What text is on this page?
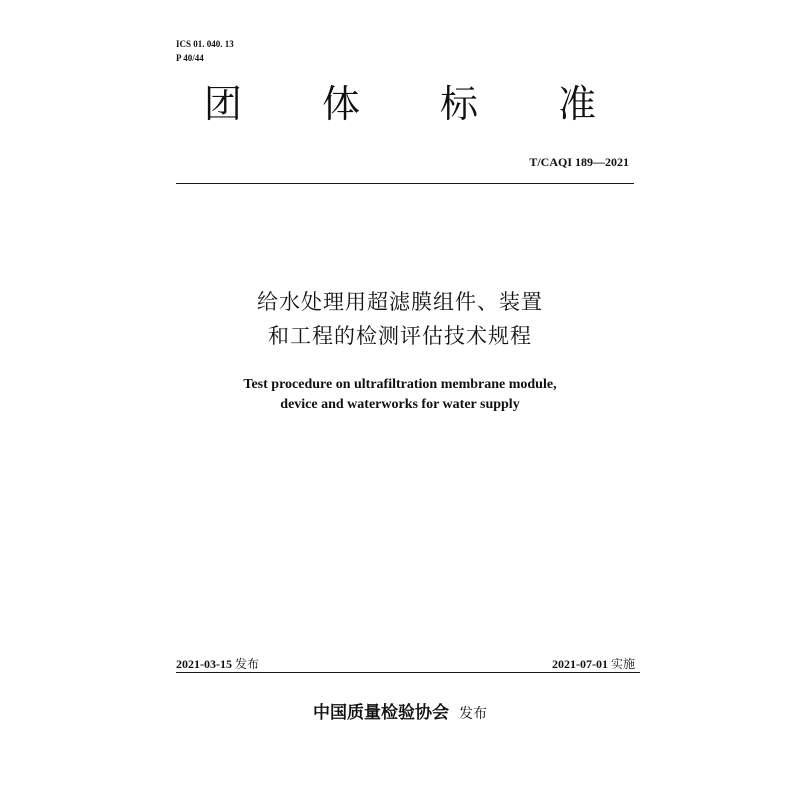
ICS 01. 040. 13
P 40/44
团 体 标 准
T/CAQI 189—2021
给水处理用超滤膜组件、装置
和工程的检测评估技术规程
Test procedure on ultrafiltration membrane module,
device and waterworks for water supply
2021-03-15 发布	2021-07-01 实施
中国质量检验协会 发布
